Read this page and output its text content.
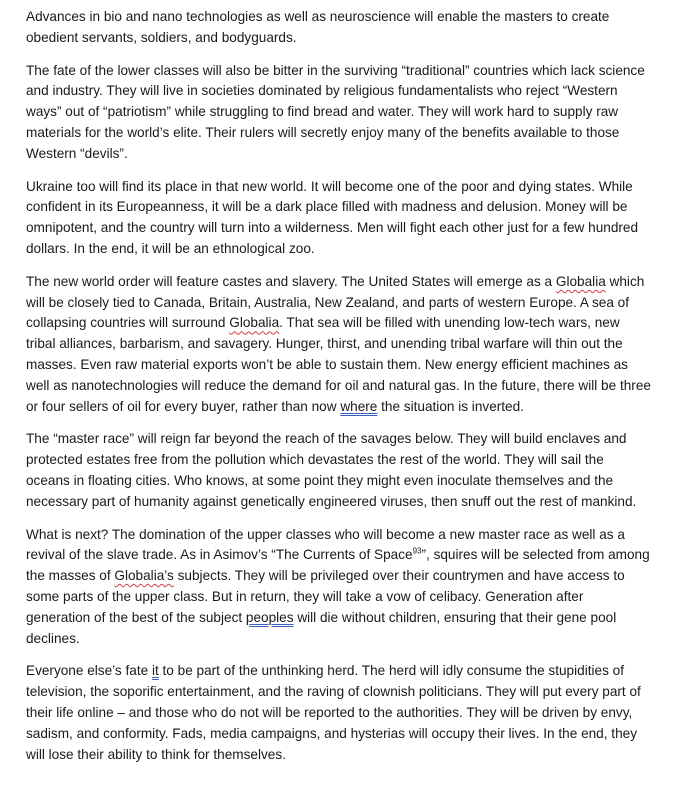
Advances in bio and nano technologies as well as neuroscience will enable the masters to create obedient servants, soldiers, and bodyguards.

The fate of the lower classes will also be bitter in the surviving “traditional” countries which lack science and industry. They will live in societies dominated by religious fundamentalists who reject “Western ways” out of “patriotism” while struggling to find bread and water. They will work hard to supply raw materials for the world’s elite. Their rulers will secretly enjoy many of the benefits available to those Western “devils”.

Ukraine too will find its place in that new world. It will become one of the poor and dying states. While confident in its Europeanness, it will be a dark place filled with madness and delusion. Money will be omnipotent, and the country will turn into a wilderness. Men will fight each other just for a few hundred dollars. In the end, it will be an ethnological zoo.

The new world order will feature castes and slavery. The United States will emerge as a Globalia which will be closely tied to Canada, Britain, Australia, New Zealand, and parts of western Europe. A sea of collapsing countries will surround Globalia. That sea will be filled with unending low-tech wars, new tribal alliances, barbarism, and savagery. Hunger, thirst, and unending tribal warfare will thin out the masses. Even raw material exports won’t be able to sustain them. New energy efficient machines as well as nanotechnologies will reduce the demand for oil and natural gas. In the future, there will be three or four sellers of oil for every buyer, rather than now where the situation is inverted.

The “master race” will reign far beyond the reach of the savages below. They will build enclaves and protected estates free from the pollution which devastates the rest of the world. They will sail the oceans in floating cities. Who knows, at some point they might even inoculate themselves and the necessary part of humanity against genetically engineered viruses, then snuff out the rest of mankind.

What is next? The domination of the upper classes who will become a new master race as well as a revival of the slave trade. As in Asimov’s “The Currents of Space$^{93}$”, squires will be selected from among the masses of Globalia’s subjects. They will be privileged over their countrymen and have access to some parts of the upper class. But in return, they will take a vow of celibacy. Generation after generation of the best of the subject peoples will die without children, ensuring that their gene pool declines.

Everyone else’s fate it to be part of the unthinking herd. The herd will idly consume the stupidities of television, the soporific entertainment, and the raving of clownish politicians. They will put every part of their life online – and those who do not will be reported to the authorities. They will be driven by envy, sadism, and conformity. Fads, media campaigns, and hysterias will occupy their lives. In the end, they will lose their ability to think for themselves.
